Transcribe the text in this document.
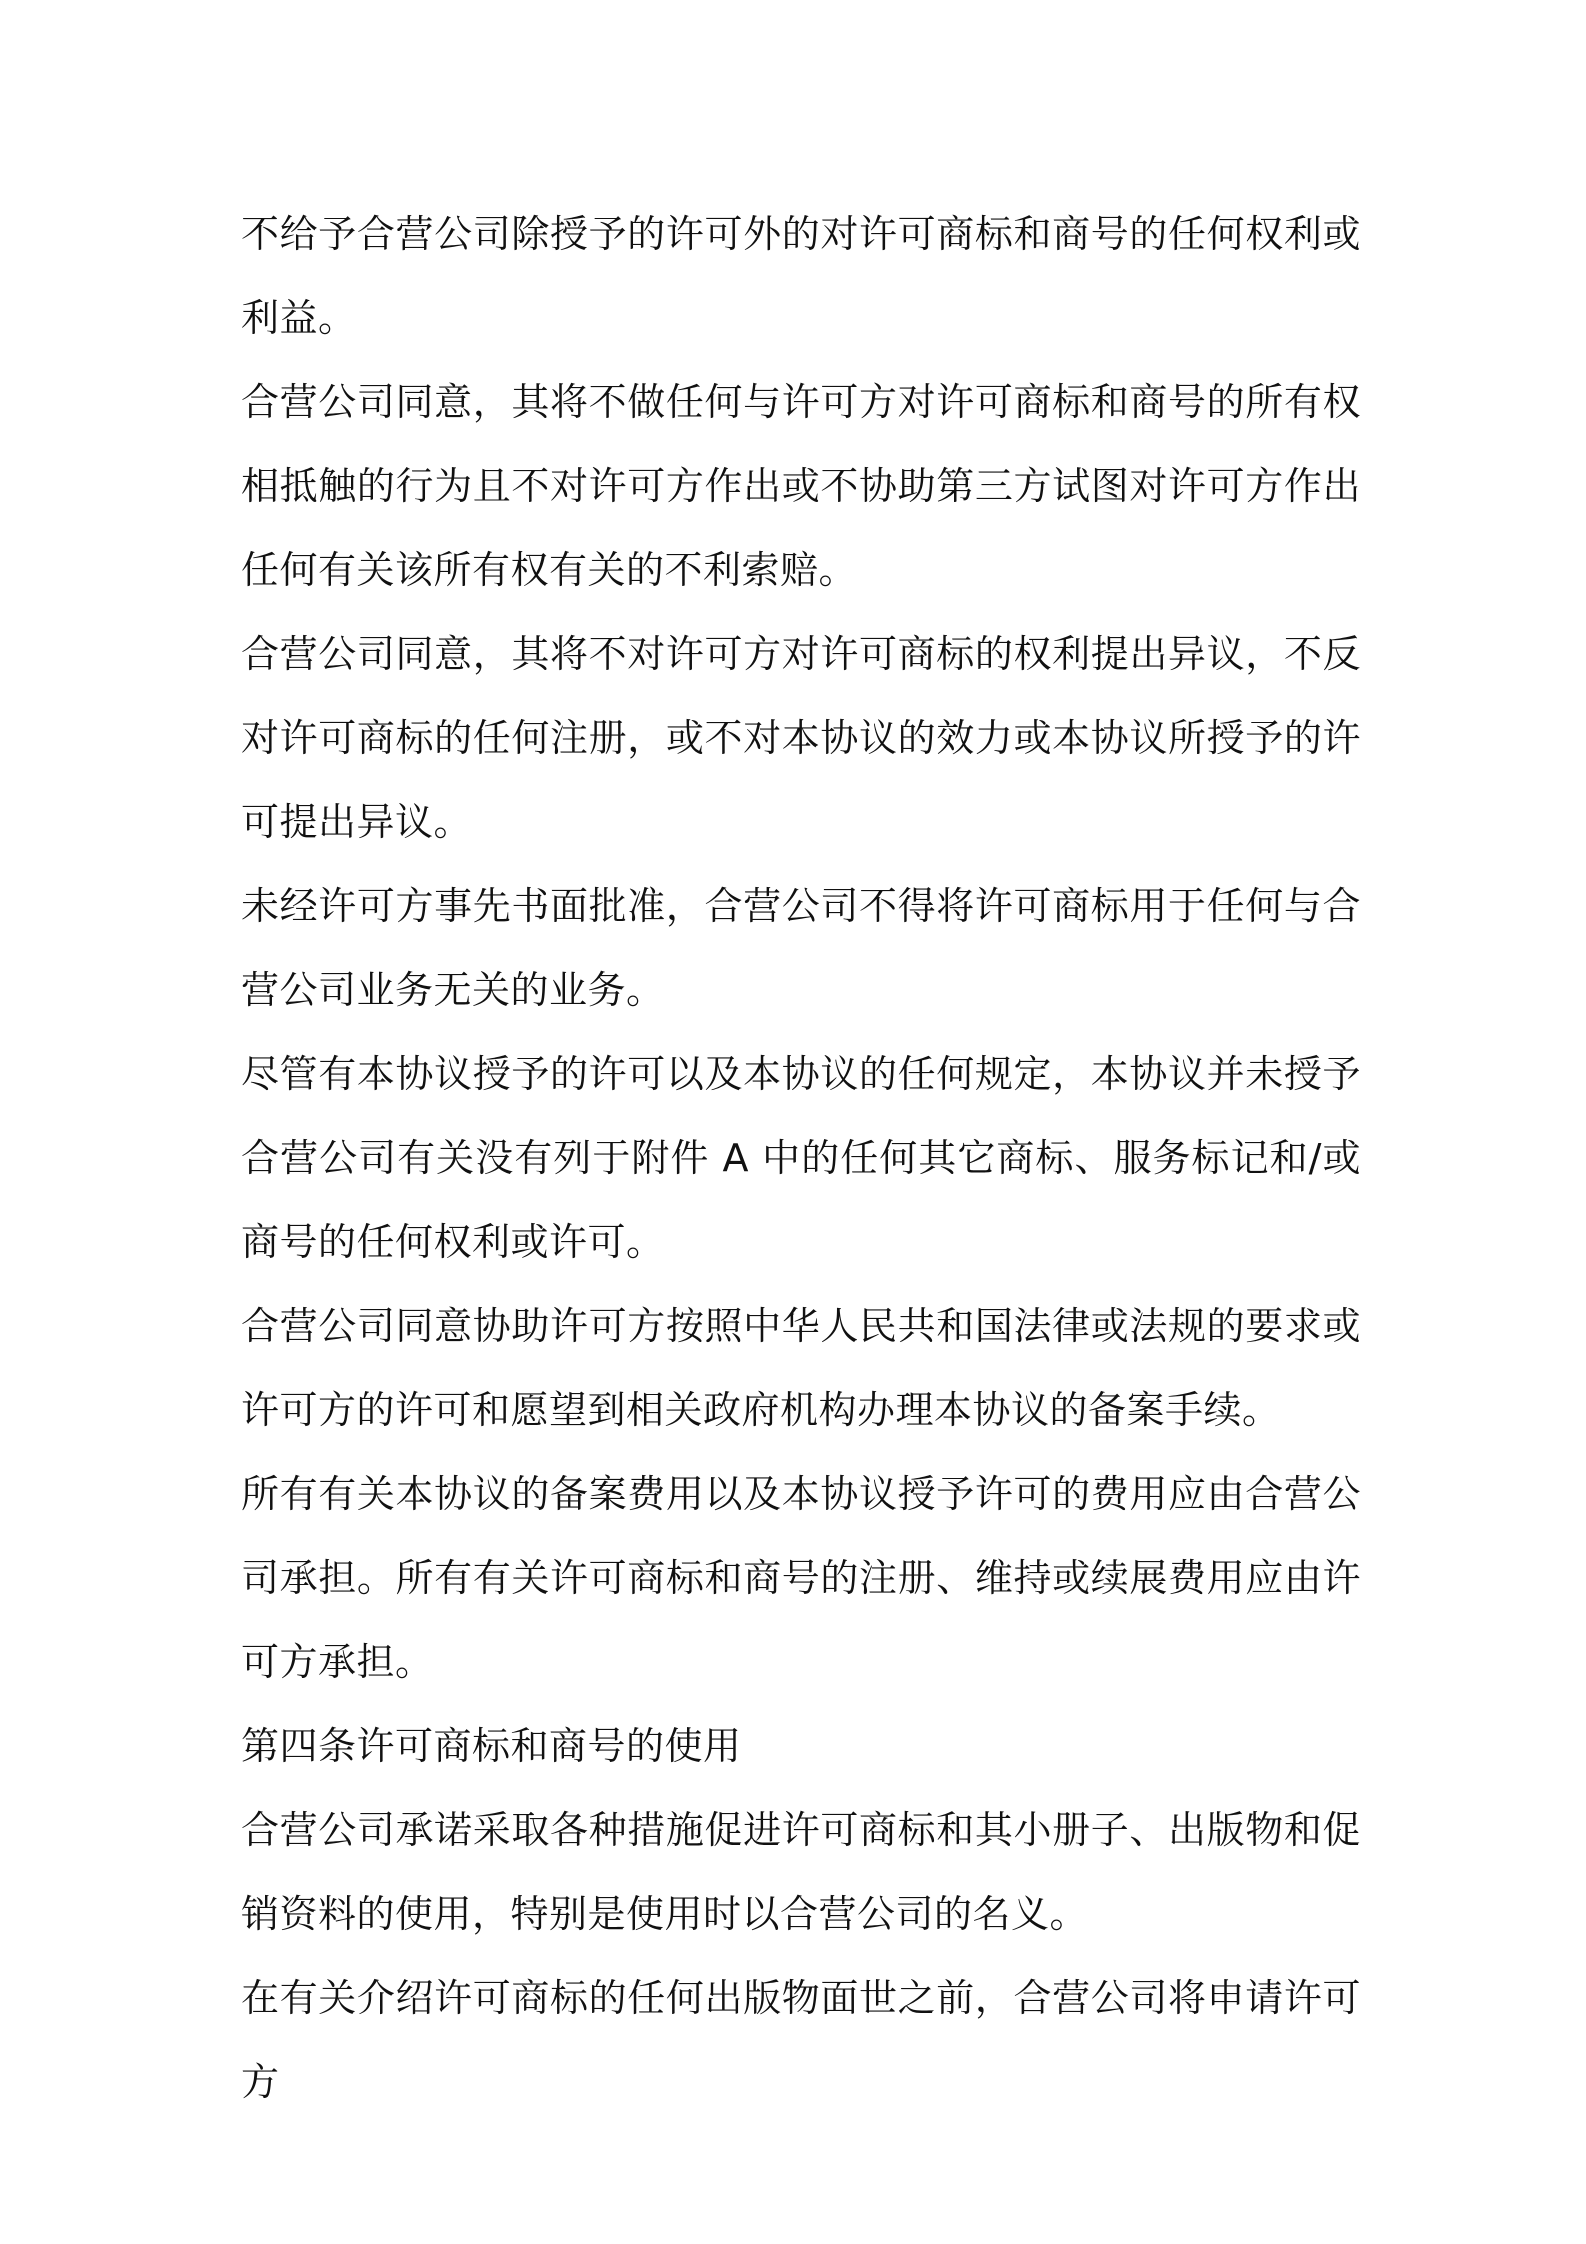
不给予合营公司除授予的许可外的对许可商标和商号的任何权利或利益。

合营公司同意，其将不做任何与许可方对许可商标和商号的所有权相抵触的行为且不对许可方作出或不协助第三方试图对许可方作出任何有关该所有权有关的不利索赔。

合营公司同意，其将不对许可方对许可商标的权利提出异议，不反对许可商标的任何注册，或不对本协议的效力或本协议所授予的许可提出异议。

未经许可方事先书面批准，合营公司不得将许可商标用于任何与合营公司业务无关的业务。

尽管有本协议授予的许可以及本协议的任何规定，本协议并未授予合营公司有关没有列于附件 A 中的任何其它商标、服务标记和/或商号的任何权利或许可。

合营公司同意协助许可方按照中华人民共和国法律或法规的要求或许可方的许可和愿望到相关政府机构办理本协议的备案手续。

所有有关本协议的备案费用以及本协议授予许可的费用应由合营公司承担。所有有关许可商标和商号的注册、维持或续展费用应由许可方承担。

第四条许可商标和商号的使用

合营公司承诺采取各种措施促进许可商标和其小册子、出版物和促销资料的使用，特别是使用时以合营公司的名义。

在有关介绍许可商标的任何出版物面世之前，合营公司将申请许可方
